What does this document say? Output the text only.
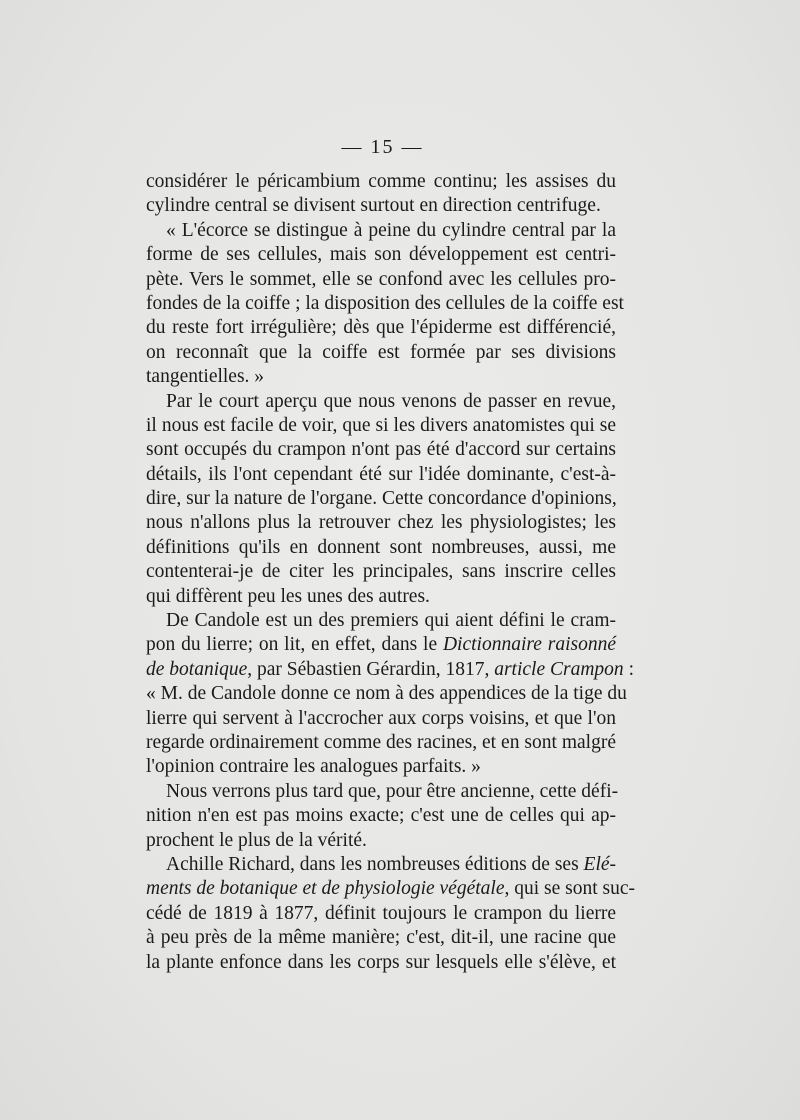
— 15 —
considérer le péricambium comme continu; les assises du
cylindre central se divisent surtout en direction centrifuge.
« L'écorce se distingue à peine du cylindre central par la
forme de ses cellules, mais son développement est centri-
pète. Vers le sommet, elle se confond avec les cellules pro-
fondes de la coiffe ; la disposition des cellules de la coiffe est
du reste fort irrégulière; dès que l'épiderme est différencié,
on reconnaît que la coiffe est formée par ses divisions
tangentielles. »
Par le court aperçu que nous venons de passer en revue,
il nous est facile de voir, que si les divers anatomistes qui se
sont occupés du crampon n'ont pas été d'accord sur certains
détails, ils l'ont cependant été sur l'idée dominante, c'est-à-
dire, sur la nature de l'organe. Cette concordance d'opinions,
nous n'allons plus la retrouver chez les physiologistes; les
définitions qu'ils en donnent sont nombreuses, aussi, me
contenterai-je de citer les principales, sans inscrire celles
qui diffèrent peu les unes des autres.
De Candole est un des premiers qui aient défini le cram-
pon du lierre; on lit, en effet, dans le Dictionnaire raisonné
de botanique, par Sébastien Gérardin, 1817, article Crampon :
« M. de Candole donne ce nom à des appendices de la tige du
lierre qui servent à l'accrocher aux corps voisins, et que l'on
regarde ordinairement comme des racines, et en sont malgré
l'opinion contraire les analogues parfaits. »
Nous verrons plus tard que, pour être ancienne, cette défi-
nition n'en est pas moins exacte; c'est une de celles qui ap-
prochent le plus de la vérité.
Achille Richard, dans les nombreuses éditions de ses Elé-
ments de botanique et de physiologie végétale, qui se sont suc-
cédé de 1819 à 1877, définit toujours le crampon du lierre
à peu près de la même manière; c'est, dit-il, une racine que
la plante enfonce dans les corps sur lesquels elle s'élève, et
